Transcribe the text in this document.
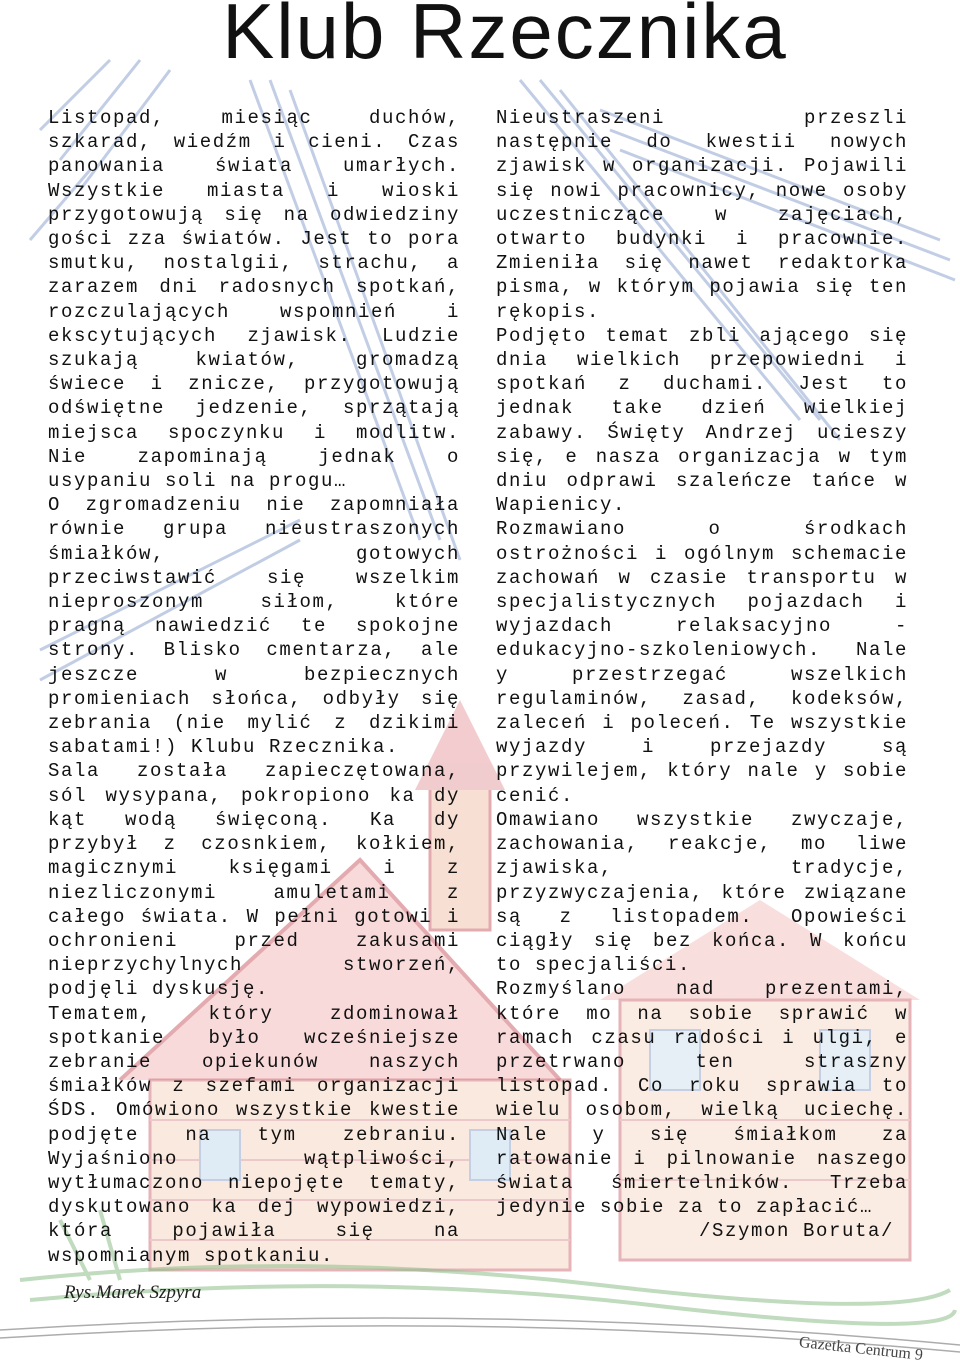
Klub Rzecznika

Listopad, miesiąc duchów, szkarad, wiedźm i cieni. Czas panowania świata umarłych. Wszystkie miasta i wioski przygotowują się na odwiedziny gości zza światów. Jest to pora smutku, nostalgii, strachu, a zarazem dni radosnych spotkań, rozczulających wspomnień i ekscytujących zjawisk. Ludzie szukają kwiatów, gromadzą świece i znicze, przygotowują odświętne jedzenie, sprzątają miejsca spoczynku i modlitw. Nie zapominają jednak o usypaniu soli na progu…

O zgromadzeniu nie zapomniała równie grupa nieustraszonych śmiałków, gotowych przeciwstawić się wszelkim nieproszonym siłom, które pragną nawiedzić te spokojne strony. Blisko cmentarza, ale jeszcze w bezpiecznych promieniach słońca, odbyły się zebrania (nie mylić z dzikimi sabatami!) Klubu Rzecznika.

Sala została zapieczętowana, sól wysypana, pokropiono ka dy kąt wodą święconą. Ka dy przybył z czosnkiem, kołkiem, magicznymi księgami i z niezliczonymi amuletami z całego świata. W pełni gotowi i ochronieni przed zakusami nieprzychylnych stworzeń, podjęli dyskusję.

Tematem, który zdominował spotkanie było wcześniejsze zebranie opiekunów naszych śmiałków z szefami organizacji ŚDS. Omówiono wszystkie kwestie podjęte na tym zebraniu. Wyjaśniono wątpliwości, wytłumaczono niepojęte tematy, dyskutowano ka dej wypowiedzi, która pojawiła się na wspomnianym spotkaniu.

Nieustraszeni przeszli następnie do kwestii nowych zjawisk w organizacji. Pojawili się nowi pracownicy, nowe osoby uczestniczące w zajęciach, otwarto budynki i pracownie. Zmieniła się nawet redaktorka pisma, w którym pojawia się ten rękopis.

Podjęto temat zbli ającego się dnia wielkich przepowiedni i spotkań z duchami. Jest to jednak take dzień wielkiej zabawy. Święty Andrzej ucieszy się, e nasza organizacja w tym dniu odprawi szaleńcze tańce w Wapienicy.

Rozmawiano o środkach ostrożności i ogólnym schemacie zachowań w czasie transportu w specjalistycznych pojazdach i wyjazdach relaksacyjno - edukacyjno-szkoleniowych. Nale y przestrzegać wszelkich regulaminów, zasad, kodeksów, zaleceń i poleceń. Te wszystkie wyjazdy i przejazdy są przywilejem, który nale y sobie cenić.

Omawiano wszystkie zwyczaje, zachowania, reakcje, mo liwe zjawiska, tradycje, przyzwyczajenia, które związane są z listopadem. Opowieści ciągły się bez końca. W końcu to specjaliści.

Rozmyślano nad prezentami, które mo na sobie sprawić w ramach czasu radości i ulgi, e przetrwano ten straszny listopad. Co roku sprawia to wielu osobom, wielką uciechę. Nale y się śmiałkom za ratowanie i pilnowanie naszego świata śmiertelników. Trzeba jedynie sobie za to zapłacić…

/Szymon Boruta/

Rys.Marek Szpyra
Gazetka Centrum 9
